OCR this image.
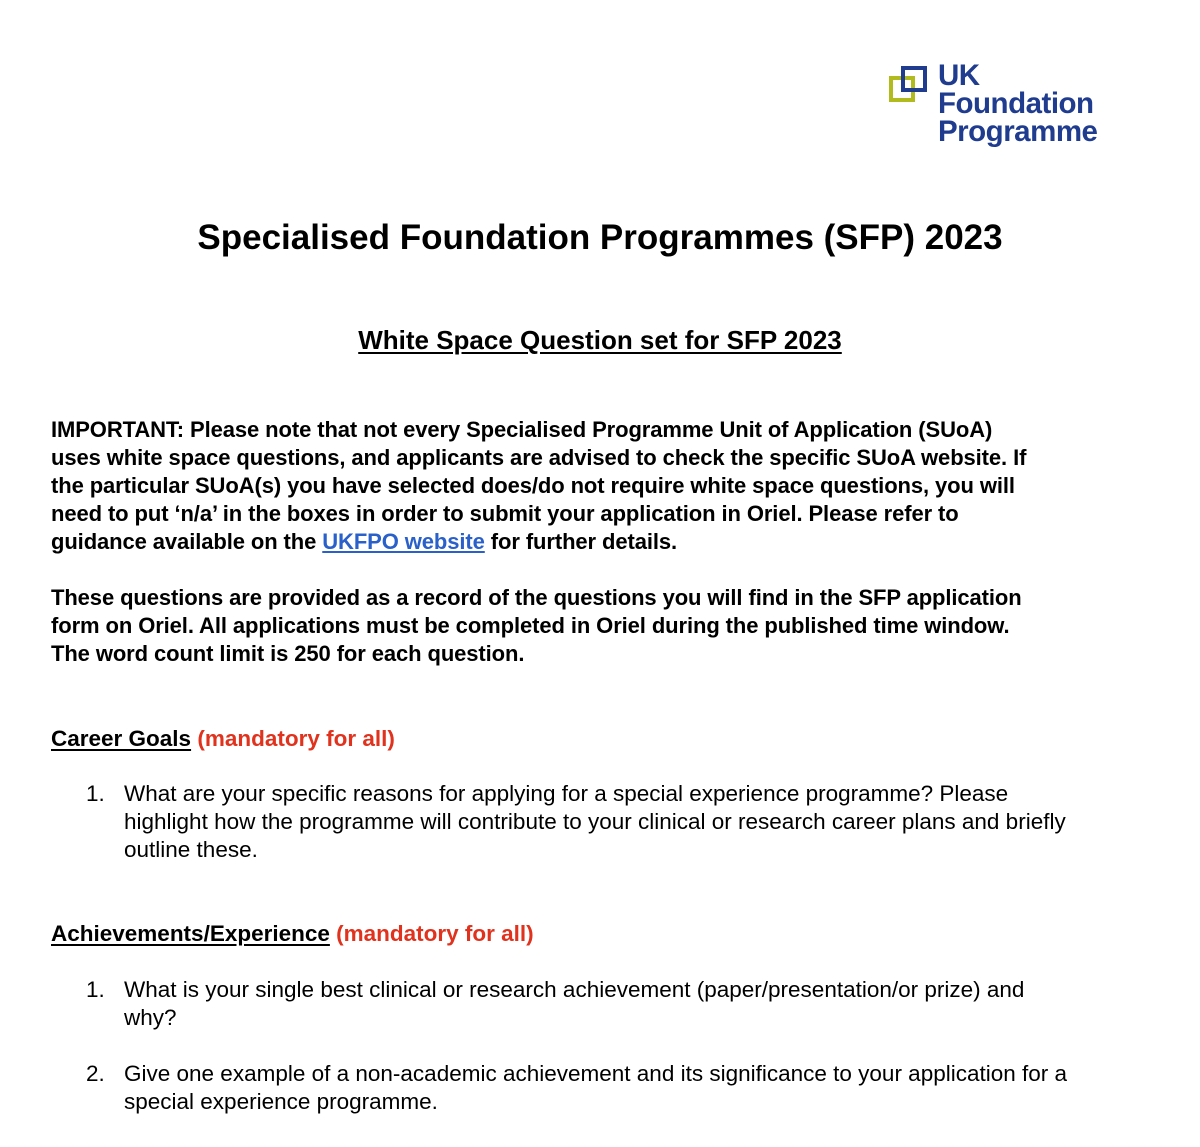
UK
Foundation
Programme
Specialised Foundation Programmes (SFP) 2023
White Space Question set for SFP 2023

IMPORTANT: Please note that not every Specialised Programme Unit of Application (SUoA)
uses white space questions, and applicants are advised to check the specific SUoA website. If
the particular SUoA(s) you have selected does/do not require white space questions, you will
need to put ‘n/a’ in the boxes in order to submit your application in Oriel. Please refer to
guidance available on the UKFPO website for further details.

These questions are provided as a record of the questions you will find in the SFP application
form on Oriel. All applications must be completed in Oriel during the published time window.
The word count limit is 250 for each question.

Career Goals (mandatory for all)
1. What are your specific reasons for applying for a special experience programme? Please
highlight how the programme will contribute to your clinical or research career plans and briefly
outline these.
Achievements/Experience (mandatory for all)
1. What is your single best clinical or research achievement (paper/presentation/or prize) and
why?
2. Give one example of a non-academic achievement and its significance to your application for a
special experience programme.
